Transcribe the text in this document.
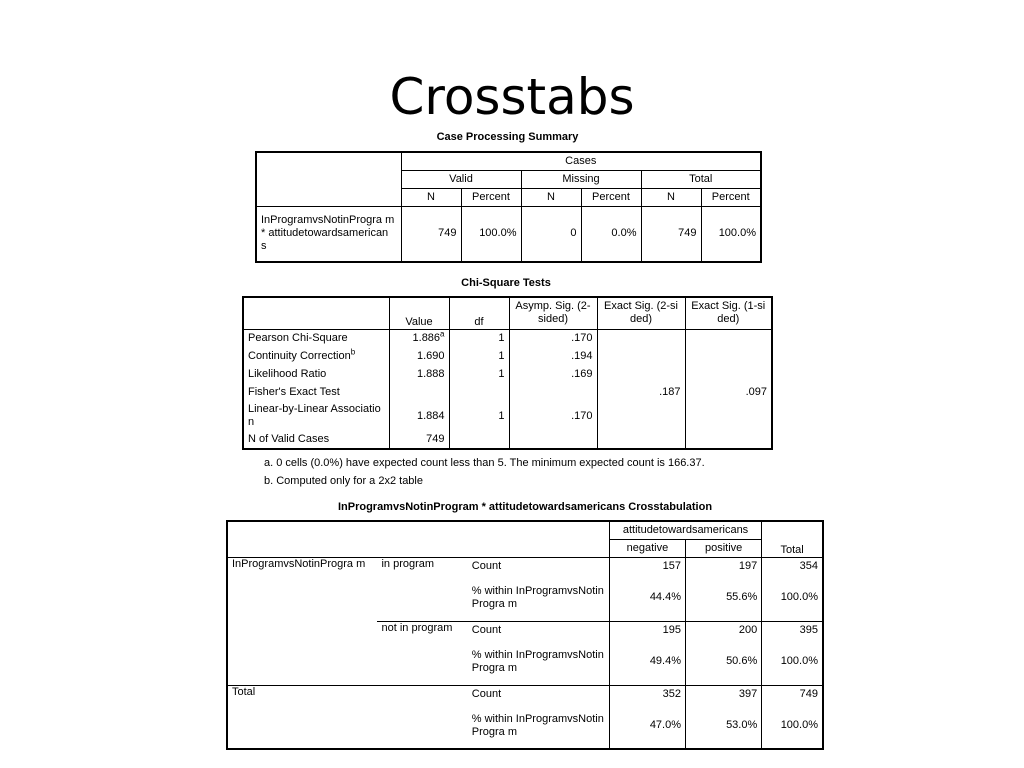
Crosstabs
Case Processing Summary
	Cases					
	Valid		Missing		Total	
	N	Percent	N	Percent	N	Percent
InProgramvsNotinProgra m * attitudetowardsamerican s	749	100.0%	0	0.0%	749	100.0%
Chi-Square Tests
	Value	df	Asymp. Sig. (2-sided)	Exact Sig. (2-sided)	Exact Sig. (1-sided)
Pearson Chi-Square	1.886$^a$	1	.170		
Continuity Correction$^b$	1.690	1	.194		
Likelihood Ratio	1.888	1	.169		
Fisher's Exact Test				.187	.097
Linear-by-Linear Association	1.884	1	.170		
N of Valid Cases	749				
a. 0 cells (0.0%) have expected count less than 5. The minimum expected count is 166.37.
b. Computed only for a 2x2 table
InProgramvsNotinProgram * attitudetowardsamericans Crosstabulation
			attitudetowardsamericans		Total
			negative	positive	
InProgramvsNotinProgra m	in program	Count	157	197	354
		% within InProgramvsNotinProgra m	44.4%	55.6%	100.0%
	not in program	Count	195	200	395
		% within InProgramvsNotinProgra m	49.4%	50.6%	100.0%
Total		Count	352	397	749
		% within InProgramvsNotinProgra m	47.0%	53.0%	100.0%
